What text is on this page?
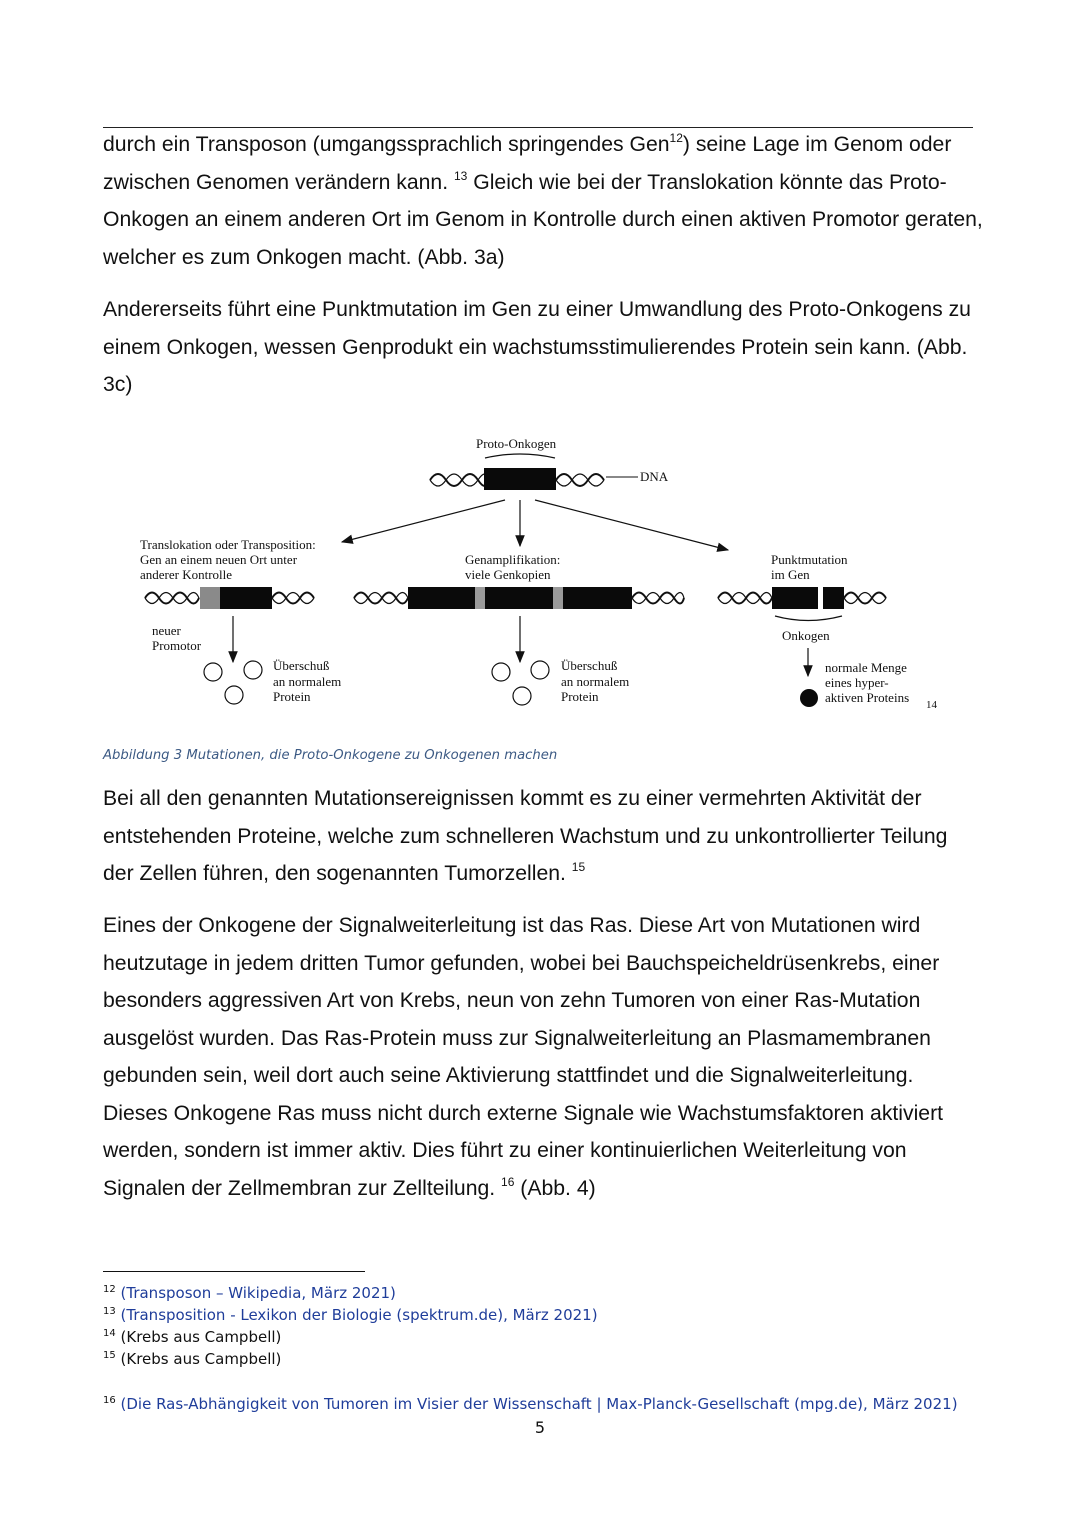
durch ein Transposon (umgangssprachlich springendes Gen$^{12}$) seine Lage im Genom oder zwischen Genomen verändern kann. $^{13}$ Gleich wie bei der Translokation könnte das Proto-Onkogen an einem anderen Ort im Genom in Kontrolle durch einen aktiven Promotor geraten, welcher es zum Onkogen macht. (Abb. 3a)

Andererseits führt eine Punktmutation im Gen zu einer Umwandlung des Proto-Onkogens zu einem Onkogen, wessen Genprodukt ein wachstumsstimulierendes Protein sein kann. (Abb. 3c)

Proto-Onkogen
DNA
Translokation oder Transposition:
Gen an einem neuen Ort unter
anderer Kontrolle
neuer
Promotor
Überschuß
an normalem
Protein
Genamplifikation:
viele Genkopien
Überschuß
an normalem
Protein
Punktmutation
im Gen
Onkogen
normale Menge
eines hyper-
aktiven Proteins 14
Abbildung 3 Mutationen, die Proto-Onkogene zu Onkogenen machen

Bei all den genannten Mutationsereignissen kommt es zu einer vermehrten Aktivität der entstehenden Proteine, welche zum schnelleren Wachstum und zu unkontrollierter Teilung der Zellen führen, den sogenannten Tumorzellen. $^{15}$

Eines der Onkogene der Signalweiterleitung ist das Ras. Diese Art von Mutationen wird heutzutage in jedem dritten Tumor gefunden, wobei bei Bauchspeicheldrüsenkrebs, einer besonders aggressiven Art von Krebs, neun von zehn Tumoren von einer Ras-Mutation ausgelöst wurden. Das Ras-Protein muss zur Signalweiterleitung an Plasmamembranen gebunden sein, weil dort auch seine Aktivierung stattfindet und die Signalweiterleitung. Dieses Onkogene Ras muss nicht durch externe Signale wie Wachstumsfaktoren aktiviert werden, sondern ist immer aktiv. Dies führt zu einer kontinuierlichen Weiterleitung von Signalen der Zellmembran zur Zellteilung. $^{16}$ (Abb. 4)

$^{12}$ (Transposon – Wikipedia, März 2021)
$^{13}$ (Transposition - Lexikon der Biologie (spektrum.de), März 2021)
$^{14}$ (Krebs aus Campbell)
$^{15}$ (Krebs aus Campbell)
$^{16}$ (Die Ras-Abhängigkeit von Tumoren im Visier der Wissenschaft | Max-Planck-Gesellschaft (mpg.de), März 2021)
5
